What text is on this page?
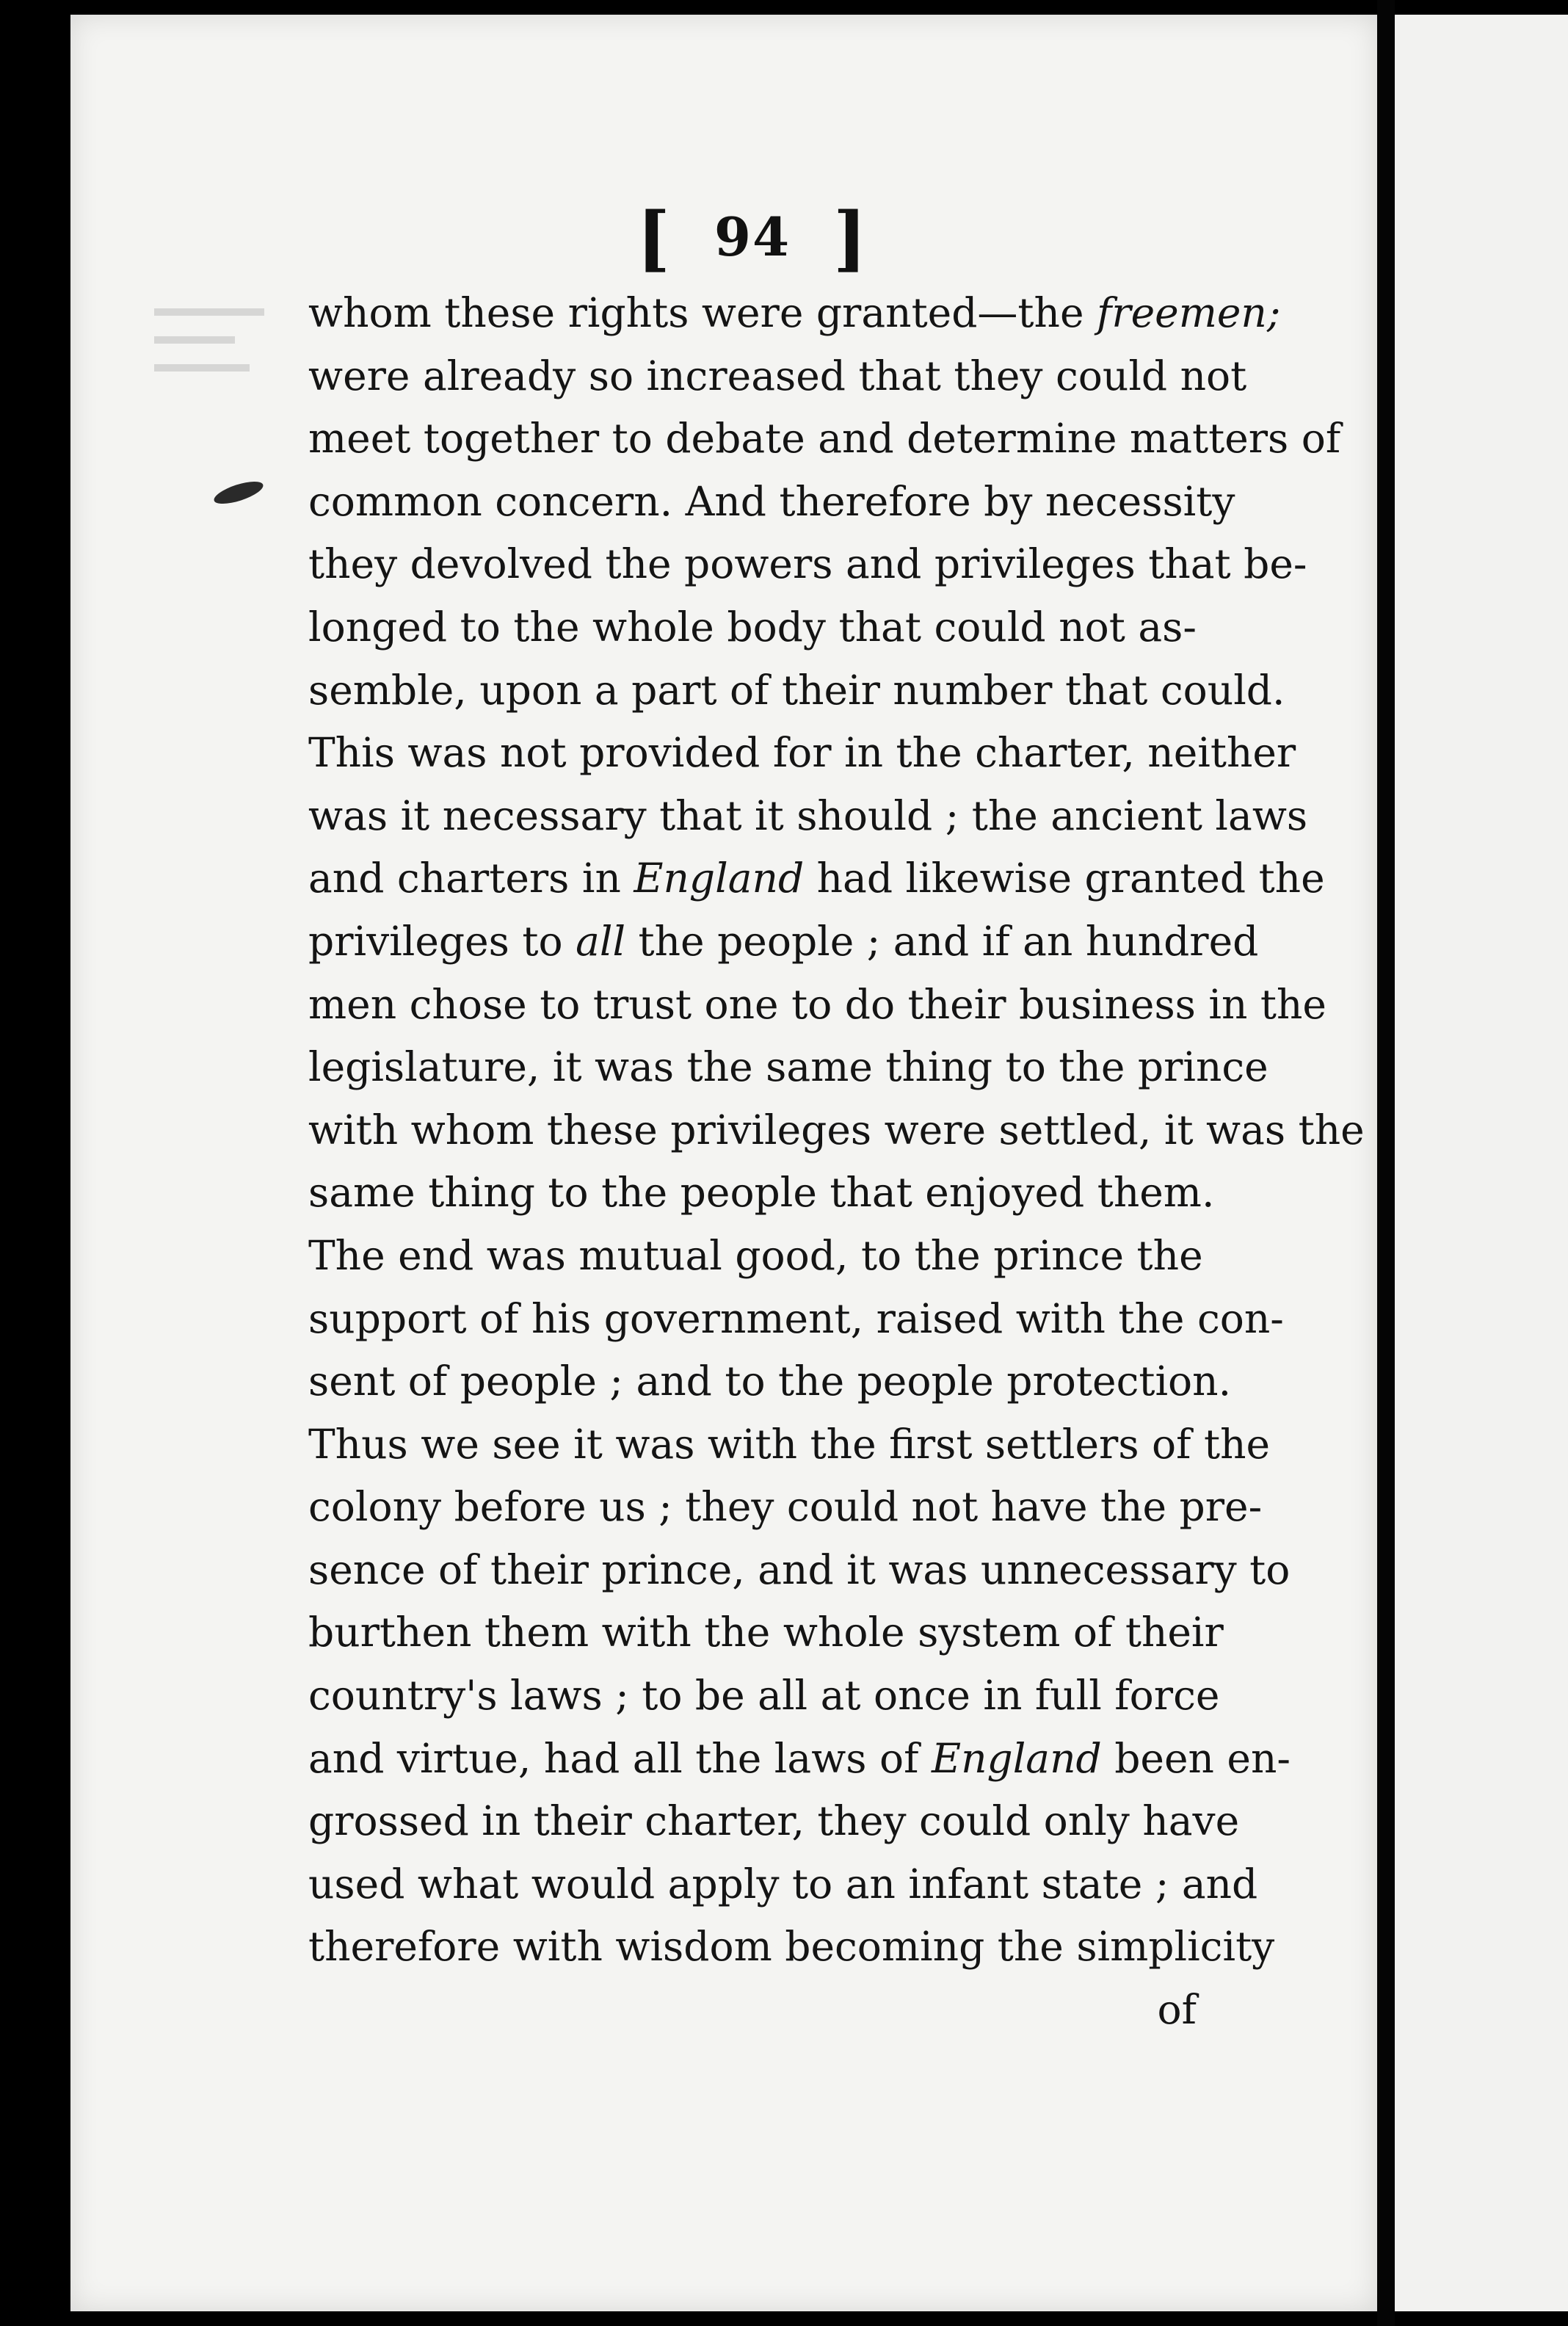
[ 94 ]
whom these rights were granted—the freemen;
were already so increased that they could not
meet together to debate and determine matters of
common concern. And therefore by necessity
they devolved the powers and privileges that be-
longed to the whole body that could not as-
semble, upon a part of their number that could.
This was not provided for in the charter, neither
was it necessary that it should ; the ancient laws
and charters in England had likewise granted the
privileges to all the people ; and if an hundred
men chose to trust one to do their business in the
legislature, it was the same thing to the prince
with whom these privileges were settled, it was the
same thing to the people that enjoyed them.
The end was mutual good, to the prince the
support of his government, raised with the con-
sent of people ; and to the people protection.
Thus we see it was with the first settlers of the
colony before us ; they could not have the pre-
sence of their prince, and it was unnecessary to
burthen them with the whole system of their
country's laws ; to be all at once in full force
and virtue, had all the laws of England been en-
grossed in their charter, they could only have
used what would apply to an infant state ; and
therefore with wisdom becoming the simplicity
of
